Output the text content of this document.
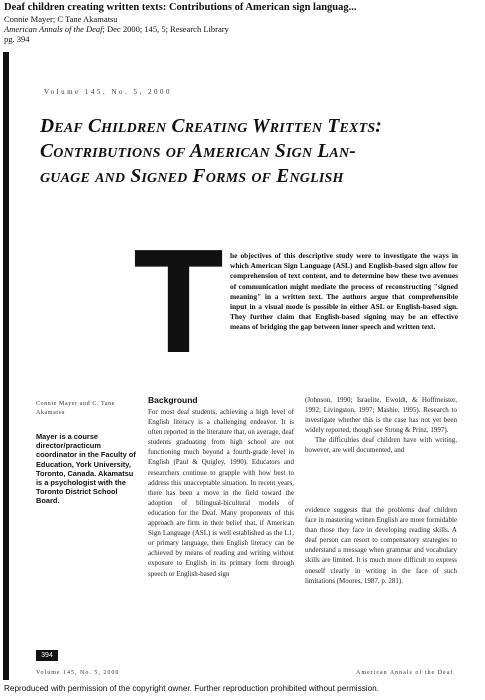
Deaf children creating written texts: Contributions of American sign languag...
Connie Mayer; C Tane Akamatsu
American Annals of the Deaf; Dec 2000; 145, 5; Research Library
pg. 394
Volume 145, No. 5, 2000
Deaf Children Creating Written Texts:
Contributions of American Sign Lan-
guage and Signed Forms of English
T he objectives of this descriptive study were to investigate the ways in which American Sign Language (ASL) and English-based sign allow for comprehension of text content, and to determine how these two avenues of communication might mediate the process of reconstructing "signed meaning" in a written text. The authors argue that comprehensible input in a visual mode is possible in either ASL or English-based sign. They further claim that English-based signing may be an effective means of bridging the gap between inner speech and written text.

Connie Mayer and C. Tane Akamatsu
Mayer is a course director/practicum coordinator in the Faculty of Education, York University, Toronto, Canada. Akamatsu is a psychologist with the Toronto District School Board.
Background

For most deaf students, achieving a high level of English literacy is a challenging endeavor. It is often reported in the literature that, on average, deaf students graduating from high school are not functioning much beyond a fourth-grade level in English (Paul & Quigley, 1990). Educators and researchers continue to grapple with how best to address this unacceptable situation. In recent years, there has been a move in the field toward the adoption of bilingual-bicultural models of education for the Deaf. Many proponents of this approach are firm in their belief that, if American Sign Language (ASL) is well established as the L1, or primary language, then English literacy can be achieved by means of reading and writing without exposure to English in its primary form through speech or English-based sign

(Johnson, 1990; Israelite, Ewoldt, & Hoffmeister, 1992; Livingston, 1997; Mashie, 1995). Research to investigate whether this is the case has not yet been widely reported, though see Strong & Prinz, 1997).

The difficulties deaf children have with writing, however, are well documented, and

evidence suggests that the problems deaf children face in mastering written English are more formidable than those they face in developing reading skills. A deaf person can resort to compensatory strategies to understand a message when grammar and vocabulary skills are limited. It is much more difficult to express oneself clearly in writing in the face of such limitations (Moores, 1987, p. 281).

394
Volume 145, No. 5, 2000	American Annals of the Deaf
Reproduced with permission of the copyright owner. Further reproduction prohibited without permission.
